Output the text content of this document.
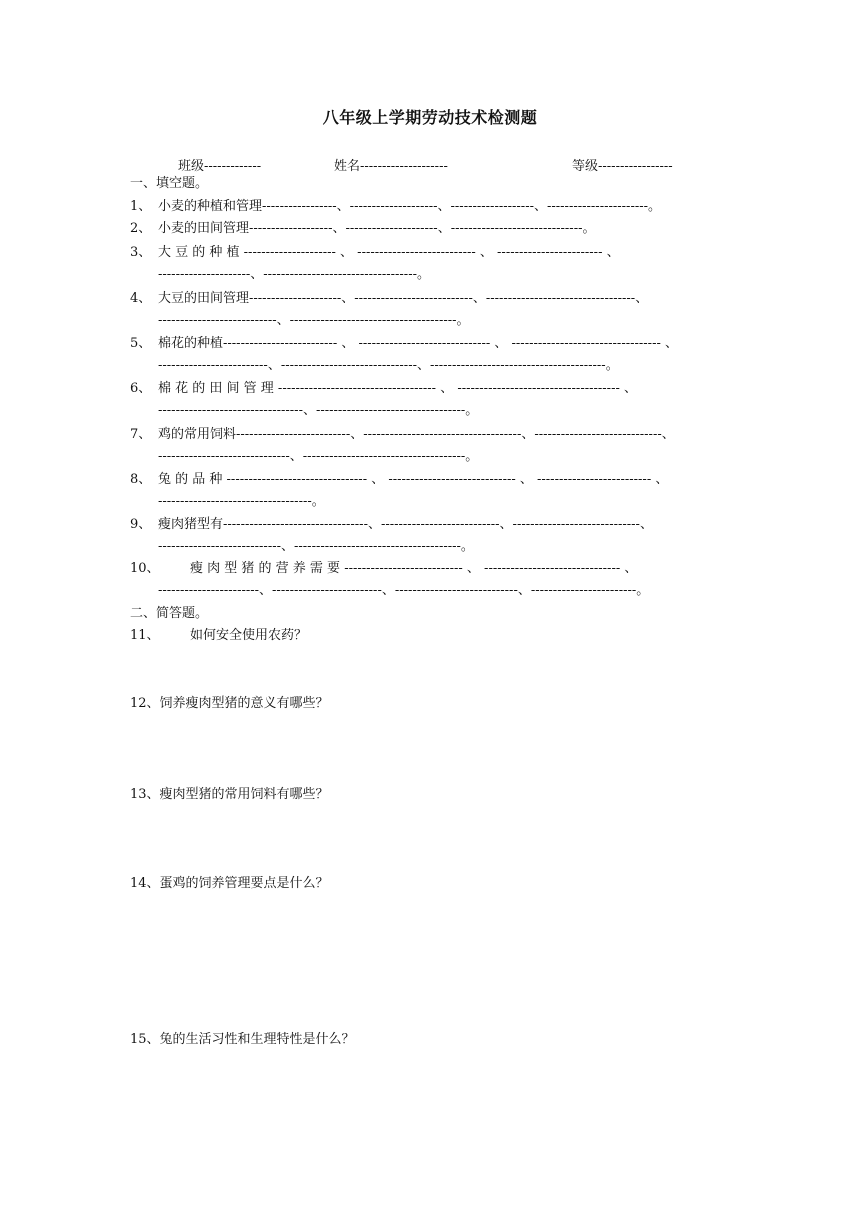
八年级上学期劳动技术检测题
班级-------------	姓名--------------------	等级-----------------
一、填空题。
1、 小麦的种植和管理-----------------、--------------------、-------------------、-----------------------。
2、 小麦的田间管理-------------------、---------------------、------------------------------。
3、 大 豆 的 种 植 --------------------- 、 --------------------------- 、 ------------------------ 、
---------------------、-----------------------------------。
4、 大豆的田间管理---------------------、---------------------------、----------------------------------、
---------------------------、--------------------------------------。
5、 棉花的种植-------------------------- 、 ------------------------------ 、 ---------------------------------- 、
-------------------------、-------------------------------、----------------------------------------。
6、 棉 花 的 田 间 管 理 ------------------------------------ 、 ------------------------------------- 、
---------------------------------、----------------------------------。
7、 鸡的常用饲料--------------------------、------------------------------------、-----------------------------、
------------------------------、-------------------------------------。
8、 兔 的 品 种 -------------------------------- 、 ----------------------------- 、 -------------------------- 、
-----------------------------------。
9、 瘦肉猪型有---------------------------------、---------------------------、-----------------------------、
----------------------------、--------------------------------------。
10、 瘦 肉 型 猪 的 营 养 需 要 --------------------------- 、 ------------------------------- 、
-----------------------、-------------------------、----------------------------、------------------------。
二、简答题。
11、 如何安全使用农药？
12、饲养瘦肉型猪的意义有哪些？
13、瘦肉型猪的常用饲料有哪些？
14、蛋鸡的饲养管理要点是什么？
15、兔的生活习性和生理特性是什么？
